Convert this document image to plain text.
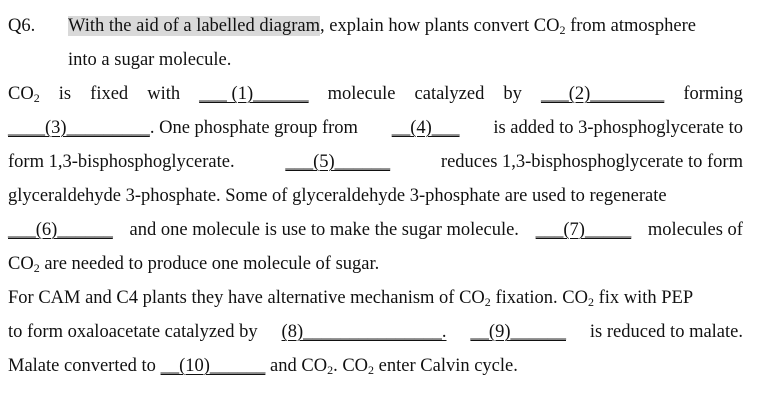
Q6. With the aid of a labelled diagram, explain how plants convert $CO_2$ from atmosphere
into a sugar molecule.
$CO_2$ is fixed with ___ (1)______ molecule catalyzed by ___(2)________ forming
____(3)_________. One phosphate group from __(4)___ is added to 3-phosphoglycerate to
form 1,3-bisphosphoglycerate.	___(5)______	reduces 1,3-bisphosphoglycerate to form
glyceraldehyde 3-phosphate. Some of glyceraldehyde 3-phosphate are used to regenerate
___(6)______ and one molecule is use to make the sugar molecule. ___(7)_____ molecules of
$CO_2$ are needed to produce one molecule of sugar.
For CAM and C4 plants they have alternative mechanism of $CO_2$ fixation. $CO_2$ fix with PEP
to form oxaloacetate catalyzed by (8)_______________. __(9)______ is reduced to malate.
Malate converted to __(10)______ and $CO_2$. $CO_2$ enter Calvin cycle.
